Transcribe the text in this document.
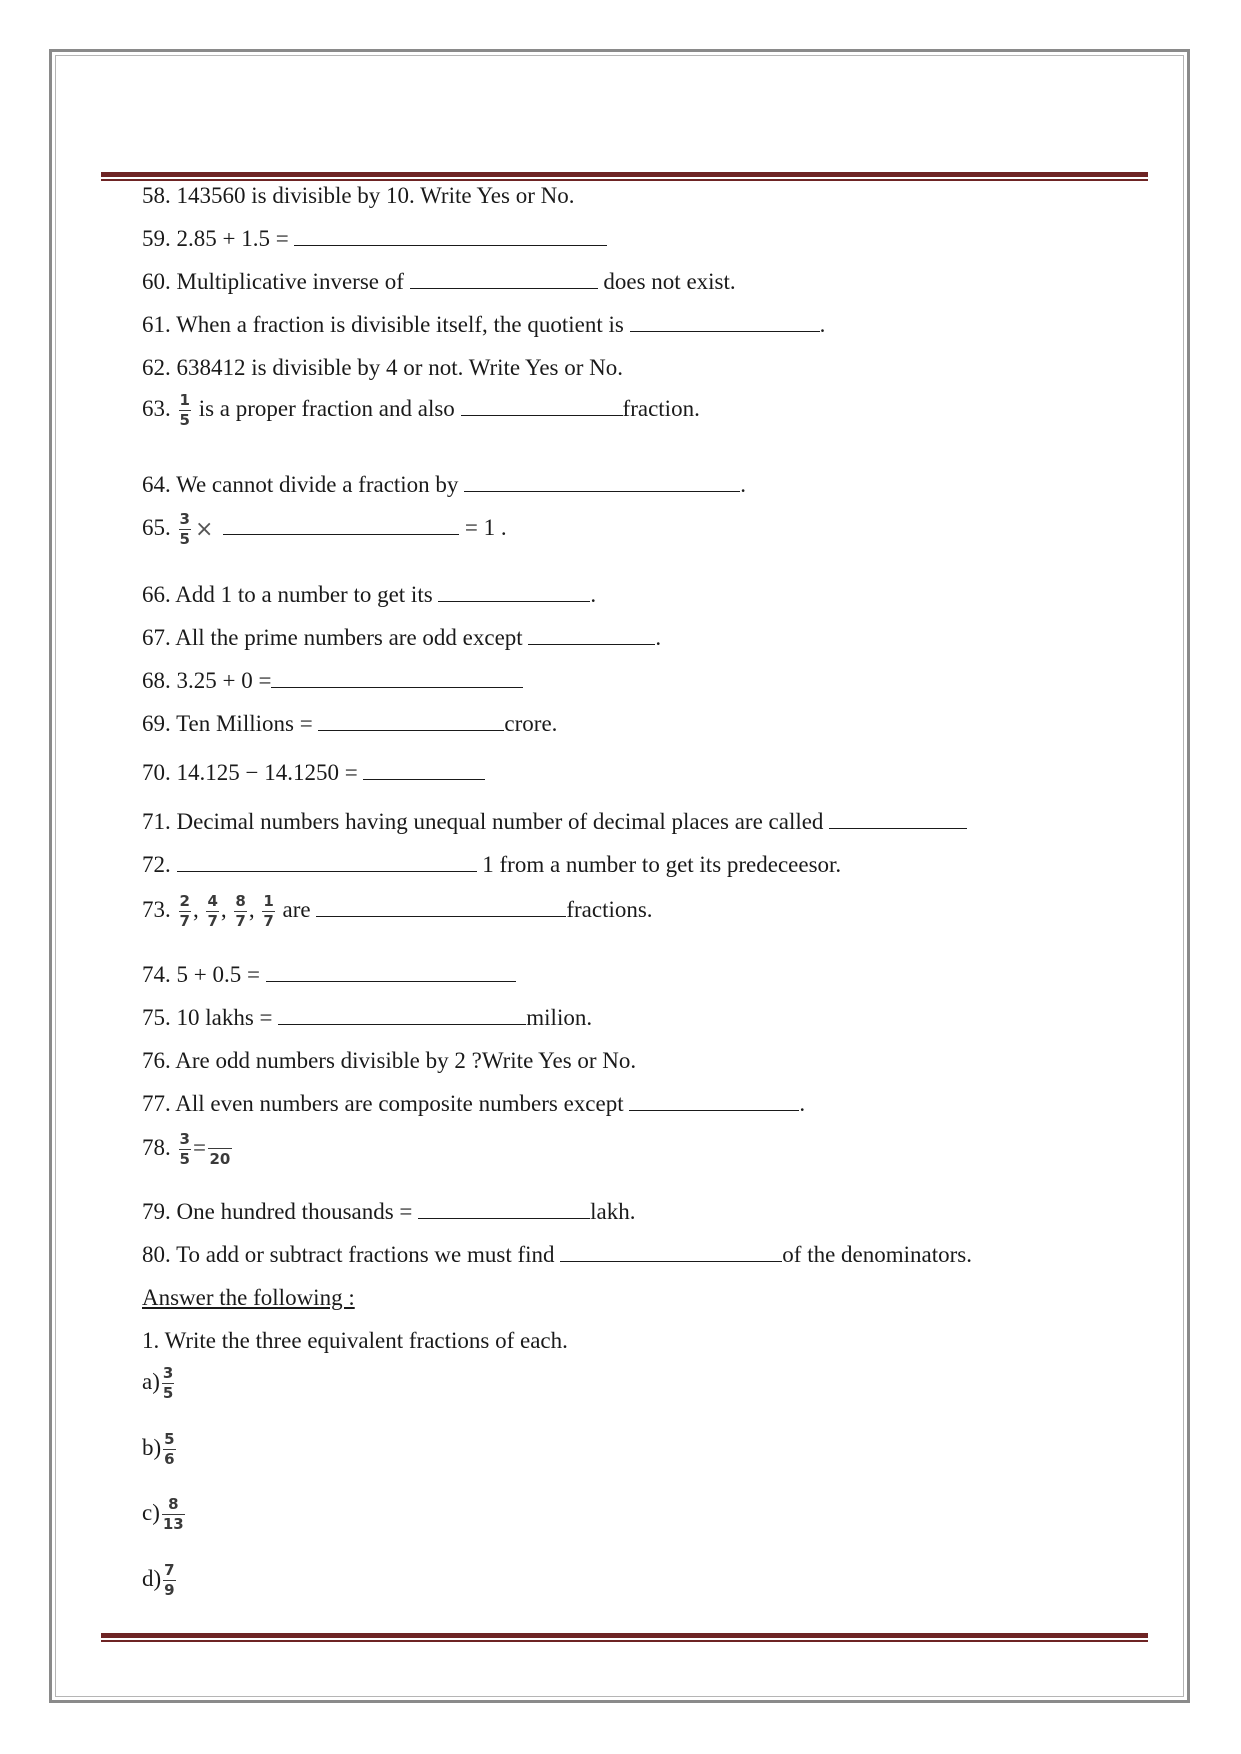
58. 143560 is divisible by 10. Write Yes or No.
59. 2.85 + 1.5 =
60. Multiplicative inverse of	does not exist.
61. When a fraction is divisible itself, the quotient is	.
62. 638412 is divisible by 4 or not. Write Yes or No.
63. $\frac{1}{5}$ is a proper fraction and also	fraction.
64. We cannot divide a fraction by	.
65. $\frac{3}{5}$ ×	= 1 .
66. Add 1 to a number to get its	.
67. All the prime numbers are odd except	.
68. 3.25 + 0 =
69. Ten Millions =	crore.
70. 14.125 − 14.1250 =
71. Decimal numbers having unequal number of decimal places are called
72.	1 from a number to get its predeceesor.
73. $\frac{2}{7}$ , $\frac{4}{7}$ , $\frac{8}{7}$ , $\frac{1}{7}$ are	fractions.
74. 5 + 0.5 =
75. 10 lakhs =	milion.
76. Are odd numbers divisible by 2 ?Write Yes or No.
77. All even numbers are composite numbers except	.
78. $\frac{3}{5} = 20$
79. One hundred thousands =	lakh.
80. To add or subtract fractions we must find	of the denominators.
Answer the following :
1. Write the three equivalent fractions of each.
$a) \frac{3}{5}$
$b) \frac{5}{6}$
$c) \frac{8}{13}$
$d) \frac{7}{9}$
